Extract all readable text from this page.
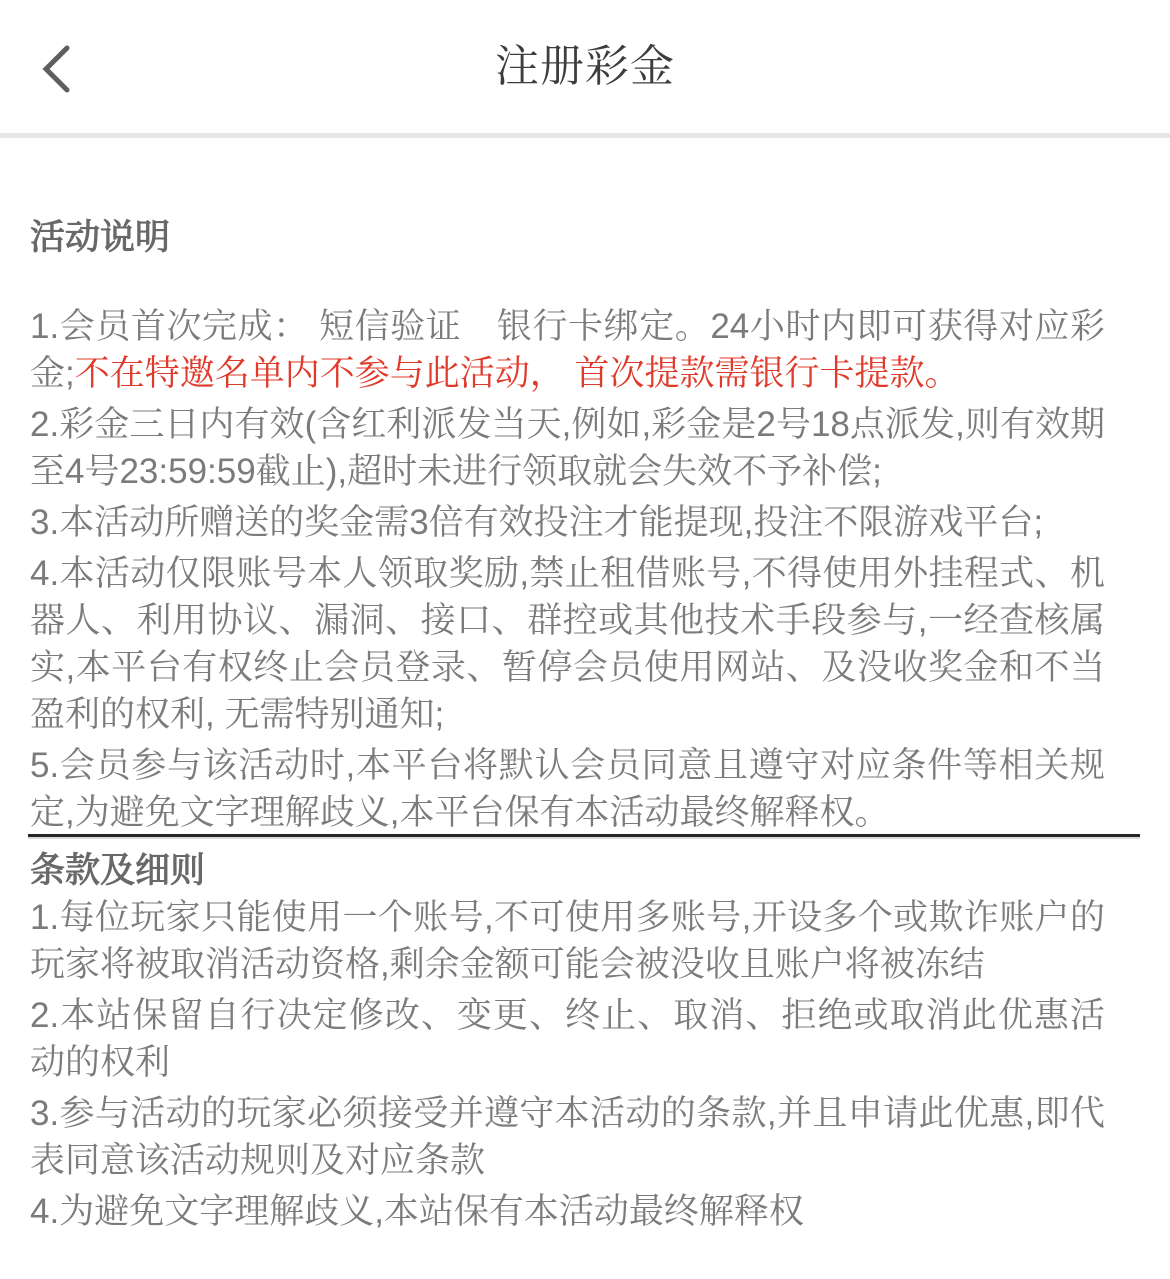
注册彩金
活动说明

1.会员首次完成： 短信验证　银行卡绑定。24小时内即可获得对应彩金;不在特邀名单内不参与此活动， 首次提款需银行卡提款。

2.彩金三日内有效(含红利派发当天,例如,彩金是2号18点派发,则有效期至4号23:59:59截止),超时未进行领取就会失效不予补偿;

3.本活动所赠送的奖金需3倍有效投注才能提现,投注不限游戏平台;

4.本活动仅限账号本人领取奖励,禁止租借账号,不得使用外挂程式、机器人、利用协议、漏洞、接口、群控或其他技术手段参与,一经查核属实,本平台有权终止会员登录、暂停会员使用网站、及没收奖金和不当盈利的权利, 无需特别通知;

5.会员参与该活动时,本平台将默认会员同意且遵守对应条件等相关规定,为避免文字理解歧义,本平台保有本活动最终解释权。

条款及细则

1.每位玩家只能使用一个账号,不可使用多账号,开设多个或欺诈账户的玩家将被取消活动资格,剩余金额可能会被没收且账户将被冻结

2.本站保留自行决定修改、变更、终止、取消、拒绝或取消此优惠活动的权利

3.参与活动的玩家必须接受并遵守本活动的条款,并且申请此优惠,即代表同意该活动规则及对应条款

4.为避免文字理解歧义,本站保有本活动最终解释权
